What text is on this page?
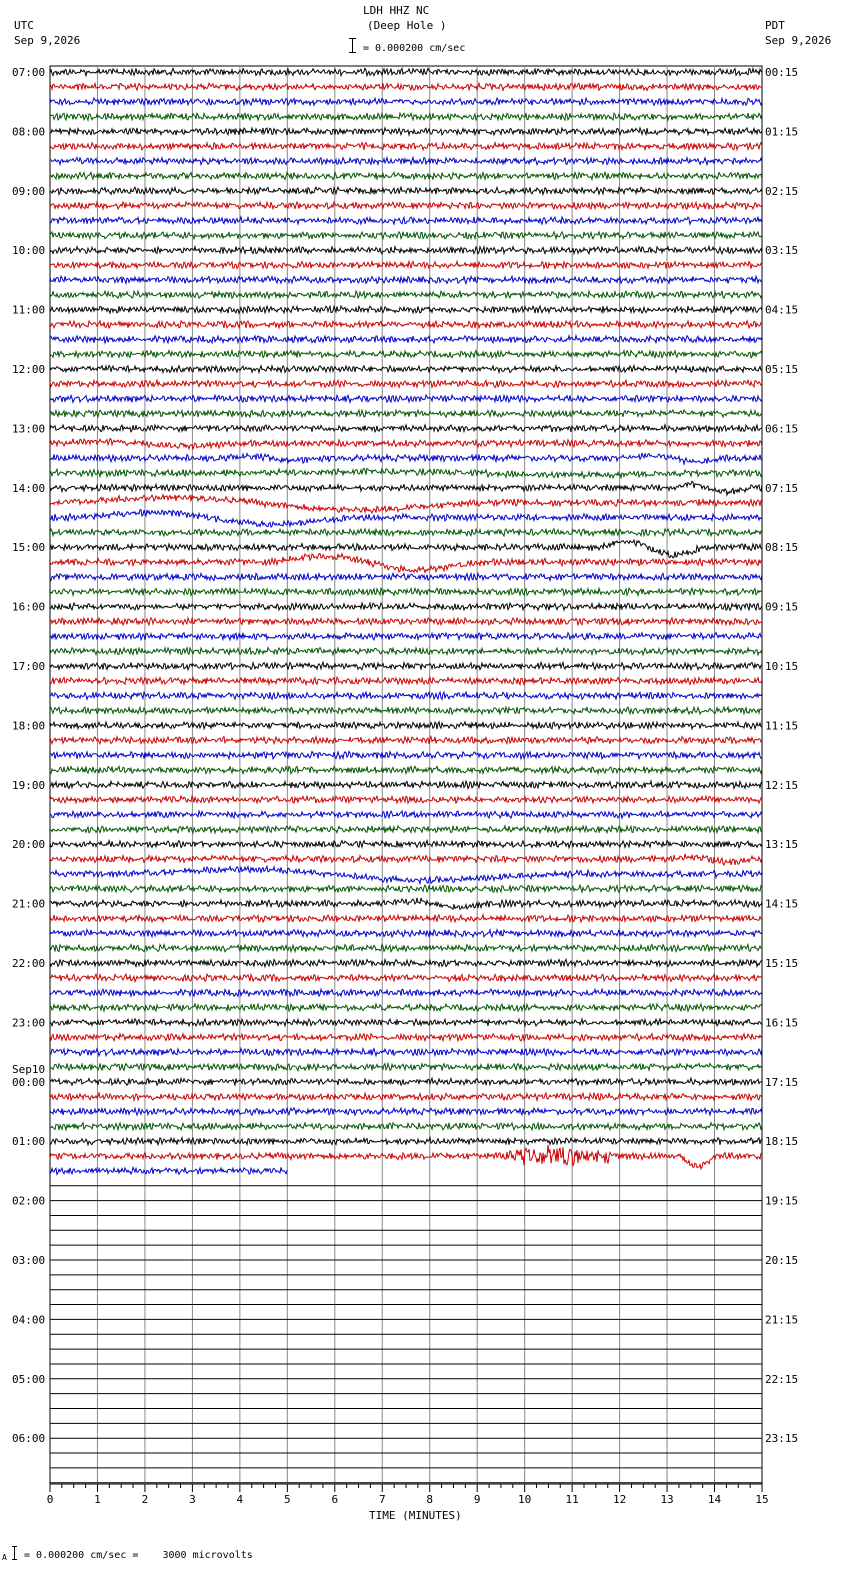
0	1	2	3	4	5	6	7	8	9	10	11	12	13	14	15
07:00
08:00
09:00
10:00
11:00
12:00
13:00
14:00
15:00
16:00
17:00
18:00
19:00
20:00
21:00
22:00
23:00
00:00
Sep10
01:00
02:00
03:00
04:00
05:00
06:00
00:15
01:15
02:15
03:15
04:15
05:15
06:15
07:15
08:15
09:15
10:15
11:15
12:15
13:15
14:15
15:15
16:15
17:15
18:15
19:15
20:15
21:15
22:15
23:15
LDH HHZ NC
(Deep Hole )
UTC
Sep 9,2026
PDT
Sep 9,2026
= 0.000200 cm/sec
TIME (MINUTES)
A = 0.000200 cm/sec =    3000 microvolts
